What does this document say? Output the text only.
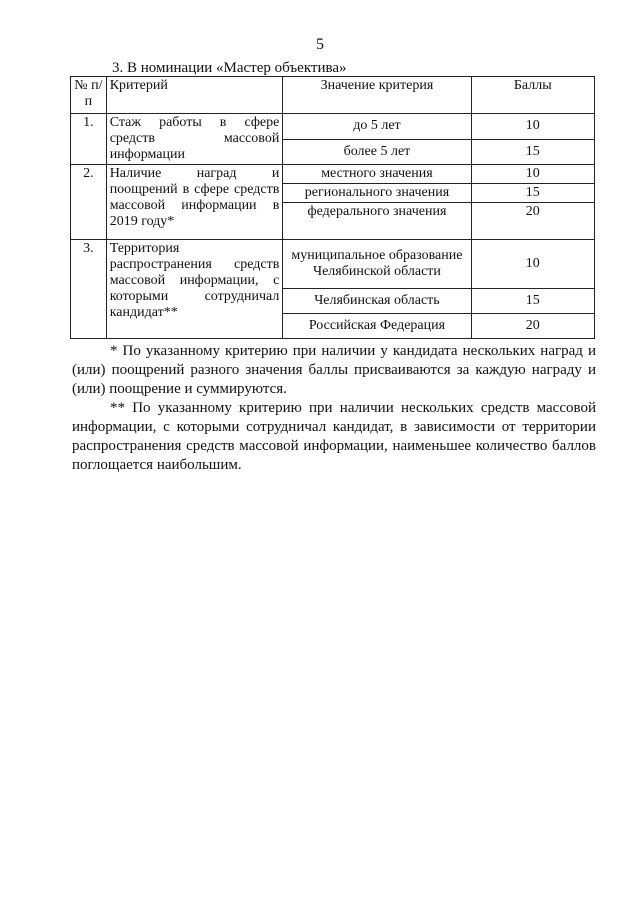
5
3. В номинации «Мастер объектива»
№ п/п	Критерий	Значение критерия	Баллы
1.	Стаж работы в сфере средств массовой информации	до 5 лет	10
		более 5 лет	15
2.	Наличие наград и поощрений в сфере средств массовой информации в 2019 году*	местного значения	10
		регионального значения	15
		федерального значения	20
3.	Территория распространения средств массовой информации, с которыми сотрудничал кандидат**	муниципальное образование Челябинской области	10
		Челябинская область	15
		Российская Федерация	20

* По указанному критерию при наличии у кандидата нескольких наград и (или) поощрений разного значения баллы присваиваются за каждую награду и (или) поощрение и суммируются.

** По указанному критерию при наличии нескольких средств массовой информации, с которыми сотрудничал кандидат, в зависимости от территории распространения средств массовой информации, наименьшее количество баллов поглощается наибольшим.
